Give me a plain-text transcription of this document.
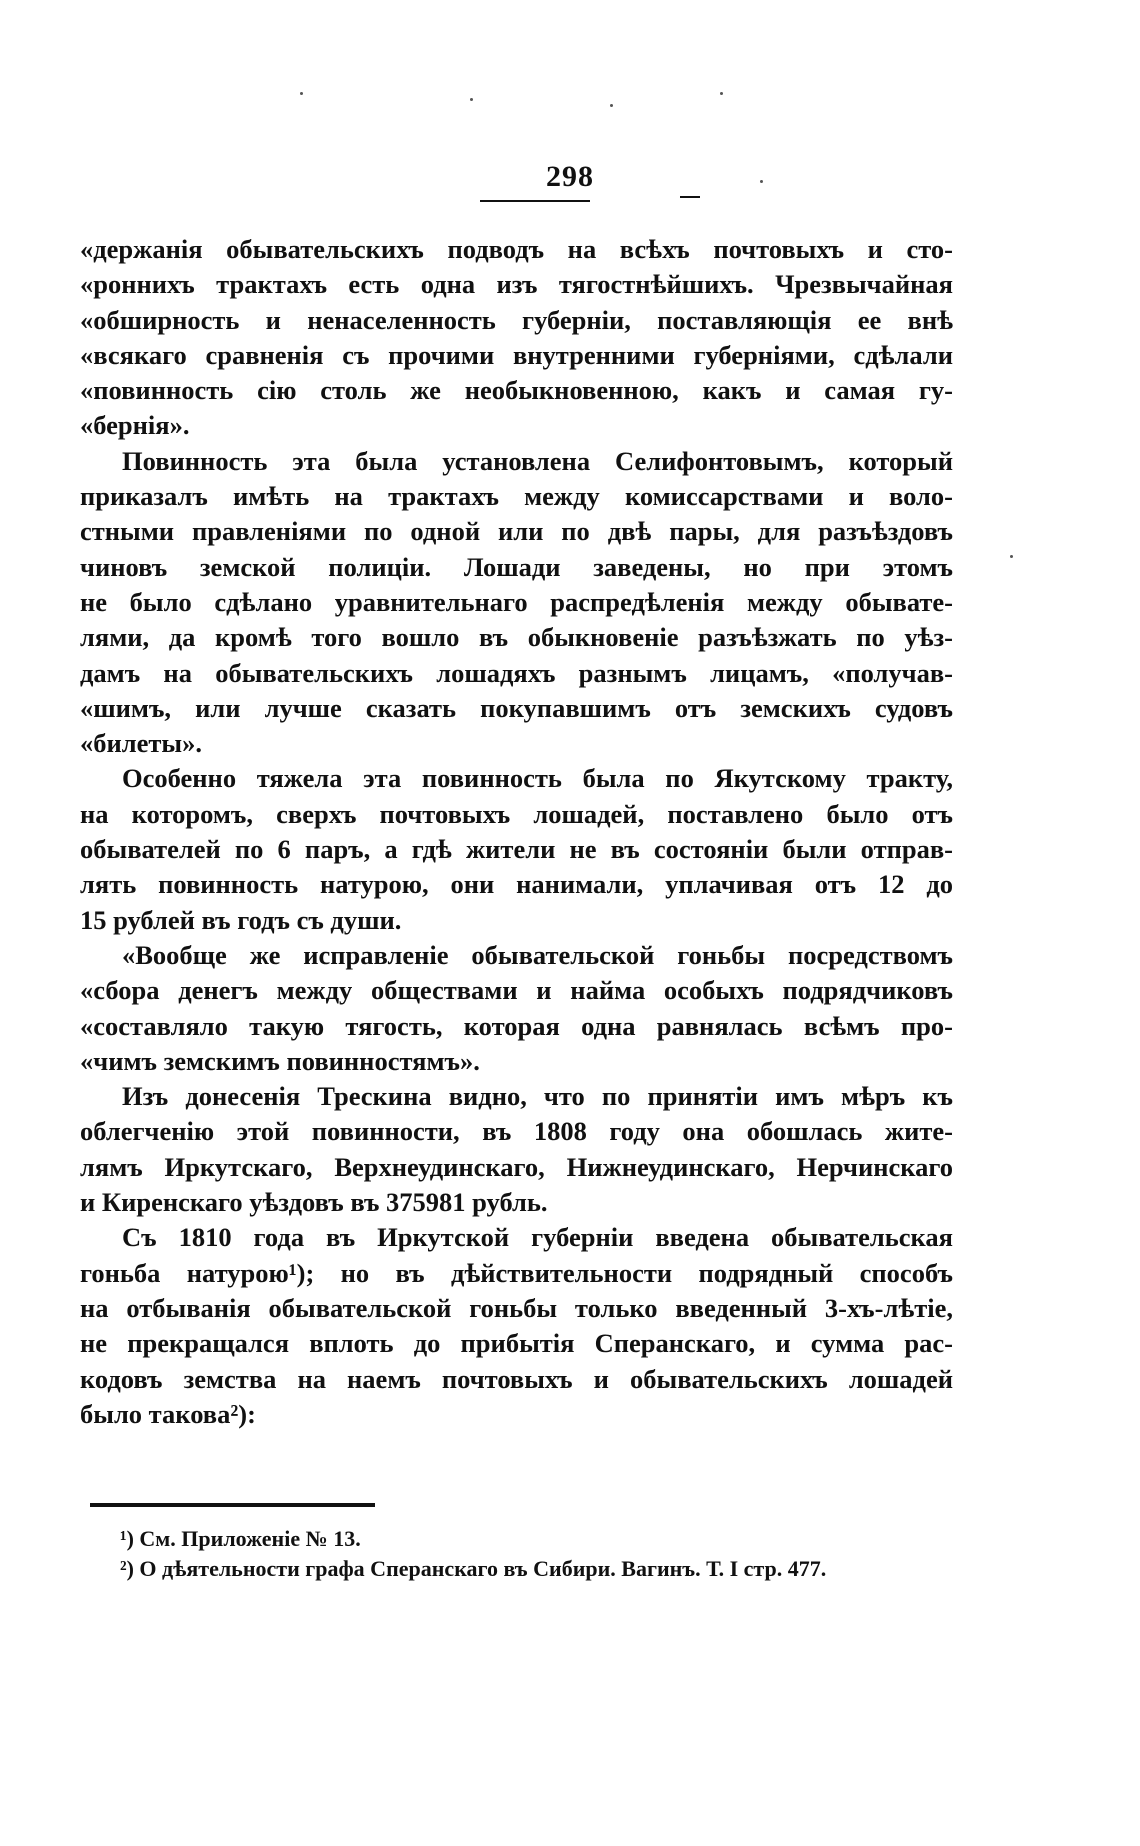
298
«держанія обывательскихъ подводъ на всѣхъ почтовыхъ и сто-
«роннихъ трактахъ есть одна изъ тягостнѣйшихъ. Чрезвычайная
«обширность и ненаселенность губерніи, поставляющія ее внѣ
«всякаго сравненія съ прочими внутренними губерніями, сдѣлали
«повинность сію столь же необыкновенною, какъ и самая гу-
«бернія».
Повинность эта была установлена Селифонтовымъ, который
приказалъ имѣть на трактахъ между комиссарствами и воло-
стными правленіями по одной или по двѣ пары, для разъѣздовъ
чиновъ земской полиціи. Лошади заведены, но при этомъ
не было сдѣлано уравнительнаго распредѣленія между обывате-
лями, да кромѣ того вошло въ обыкновеніе разъѣзжать по уѣз-
дамъ на обывательскихъ лошадяхъ разнымъ лицамъ, «получав-
«шимъ, или лучше сказать покупавшимъ отъ земскихъ судовъ
«билеты».
Особенно тяжела эта повинность была по Якутскому тракту,
на которомъ, сверхъ почтовыхъ лошадей, поставлено было отъ
обывателей по 6 паръ, а гдѣ жители не въ состояніи были отправ-
лять повинность натурою, они нанимали, уплачивая отъ 12 до
15 рублей въ годъ съ души.
«Вообще же исправленіе обывательской гоньбы посредствомъ
«сбора денегъ между обществами и найма особыхъ подрядчиковъ
«составляло такую тягость, которая одна равнялась всѣмъ про-
«чимъ земскимъ повинностямъ».
Изъ донесенія Трескина видно, что по принятіи имъ мѣръ къ
облегченію этой повинности, въ 1808 году она обошлась жите-
лямъ Иркутскаго, Верхнеудинскаго, Нижнеудинскаго, Нерчинскаго
и Киренскаго уѣздовъ въ 375981 рубль.
Съ 1810 года въ Иркутской губерніи введена обывательская
гоньба натурою¹); но въ дѣйствительности подрядный способъ
на отбыванія обывательской гоньбы только введенный 3-хъ-лѣтіе,
не прекращался вплоть до прибытія Сперанскаго, и сумма рас-
кодовъ земства на наемъ почтовыхъ и обывательскихъ лошадей
было такова²):
¹) См. Приложеніе № 13.
²) О дѣятельности графа Сперанскаго въ Сибири. Вагинъ. Т. I стр. 477.
